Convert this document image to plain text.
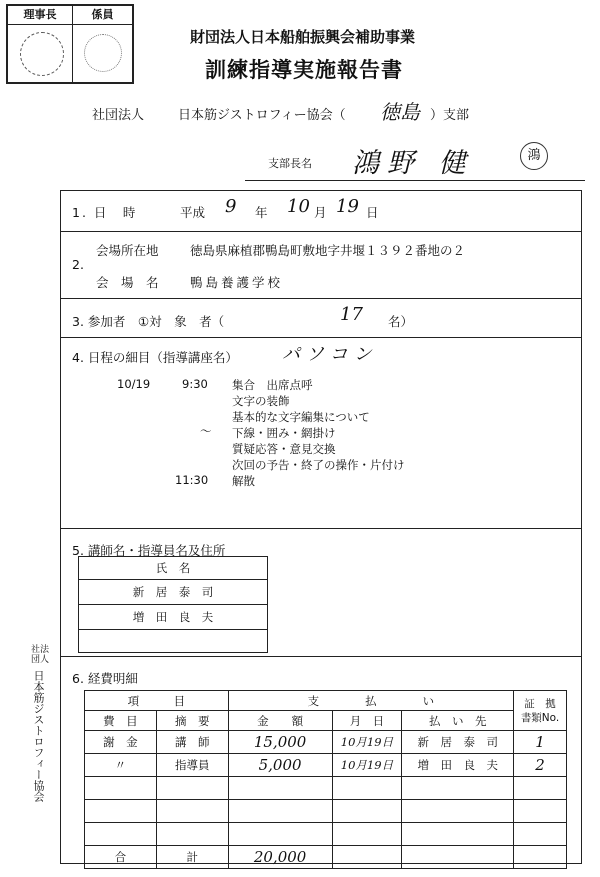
理事長	係員
財団法人日本船舶振興会補助事業
訓練指導実施報告書
社団法人	日本筋ジストロフィー協会（ 徳島 ）支部
支部長名 鴻野 健	鴻
1. 日　時	平成 9 年 10 月 19 日
2.
会場所在地	徳島県麻植郡鴨島町敷地字井堰１３９２番地の２
会　場　名	鴨島養護学校
3. 参加者　①対　象　者（	17 名）
4. 日程の細目（指導講座名） パソコン
10/19	9:30 集合　出席点呼
文字の装飾
基本的な文字編集について
〜 下線・囲み・網掛け
質疑応答・意見交換
次回の予告・終了の操作・片付け
11:30 解散
5. 講師名・指導員名及住所
氏　名
新　居　泰　司
増　田　良　夫

6. 経費明細
項　　　目		支　　　　払　　　　い			証　拠
書類No.
費　目	摘　要	金　　額	月　日	払　い　先	
謝　金	講　師	15,000	10月19日	新　居　泰　司	1
〃	指導員	5,000	10月19日	増　田　良　夫	2

合	計	20,000			
社法
団人
日本筋ジストロフィー協会
